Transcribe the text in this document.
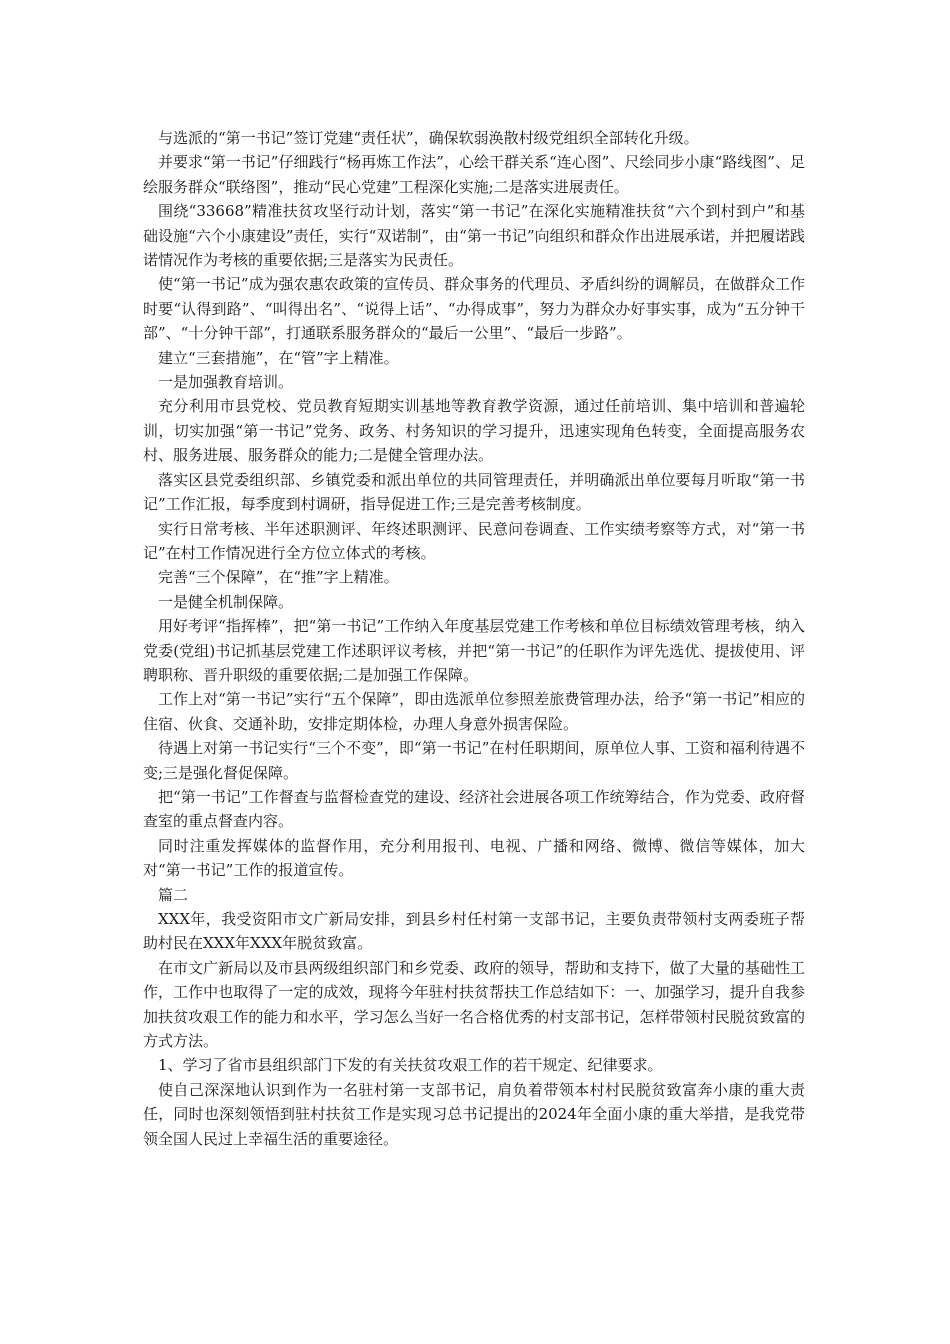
与选派的“第一书记”签订党建“责任状”，确保软弱涣散村级党组织全部转化升级。

并要求“第一书记”仔细践行“杨再炼工作法”，心绘干群关系“连心图”、尺绘同步小康“路线图”、足绘服务群众“联络图”，推动“民心党建”工程深化实施;二是落实进展责任。

围绕“33668”精准扶贫攻坚行动计划，落实“第一书记”在深化实施精准扶贫“六个到村到户”和基础设施“六个小康建设”责任，实行“双诺制”，由“第一书记”向组织和群众作出进展承诺，并把履诺践诺情况作为考核的重要依据;三是落实为民责任。

使“第一书记”成为强农惠农政策的宣传员、群众事务的代理员、矛盾纠纷的调解员，在做群众工作时要“认得到路”、“叫得出名”、“说得上话”、“办得成事”，努力为群众办好事实事，成为“五分钟干部”、“十分钟干部”，打通联系服务群众的“最后一公里”、“最后一步路”。

建立“三套措施”，在“管”字上精准。

一是加强教育培训。

充分利用市县党校、党员教育短期实训基地等教育教学资源，通过任前培训、集中培训和普遍轮训，切实加强“第一书记”党务、政务、村务知识的学习提升，迅速实现角色转变，全面提高服务农村、服务进展、服务群众的能力;二是健全管理办法。

落实区县党委组织部、乡镇党委和派出单位的共同管理责任，并明确派出单位要每月听取“第一书记”工作汇报，每季度到村调研，指导促进工作;三是完善考核制度。

实行日常考核、半年述职测评、年终述职测评、民意问卷调查、工作实绩考察等方式，对“第一书记”在村工作情况进行全方位立体式的考核。

完善“三个保障”，在“推”字上精准。

一是健全机制保障。

用好考评“指挥棒”，把“第一书记”工作纳入年度基层党建工作考核和单位目标绩效管理考核，纳入党委(党组)书记抓基层党建工作述职评议考核，并把“第一书记”的任职作为评先选优、提拔使用、评聘职称、晋升职级的重要依据;二是加强工作保障。

工作上对“第一书记”实行“五个保障”，即由选派单位参照差旅费管理办法，给予“第一书记”相应的住宿、伙食、交通补助，安排定期体检，办理人身意外损害保险。

待遇上对第一书记实行“三个不变”，即“第一书记”在村任职期间，原单位人事、工资和福利待遇不变;三是强化督促保障。

把“第一书记”工作督查与监督检查党的建设、经济社会进展各项工作统筹结合，作为党委、政府督查室的重点督查内容。

同时注重发挥媒体的监督作用，充分利用报刊、电视、广播和网络、微博、微信等媒体，加大对“第一书记”工作的报道宣传。

篇二

XXX年，我受资阳市文广新局安排，到县乡村任村第一支部书记，主要负责带领村支两委班子帮助村民在XXX年XXX年脱贫致富。

在市文广新局以及市县两级组织部门和乡党委、政府的领导，帮助和支持下，做了大量的基础性工作，工作中也取得了一定的成效，现将今年驻村扶贫帮扶工作总结如下：一、加强学习，提升自我参加扶贫攻艰工作的能力和水平，学习怎么当好一名合格优秀的村支部书记，怎样带领村民脱贫致富的方式方法。

1、学习了省市县组织部门下发的有关扶贫攻艰工作的若干规定、纪律要求。

使自己深深地认识到作为一名驻村第一支部书记，肩负着带领本村村民脱贫致富奔小康的重大责任，同时也深刻领悟到驻村扶贫工作是实现习总书记提出的2024年全面小康的重大举措，是我党带领全国人民过上幸福生活的重要途径。
